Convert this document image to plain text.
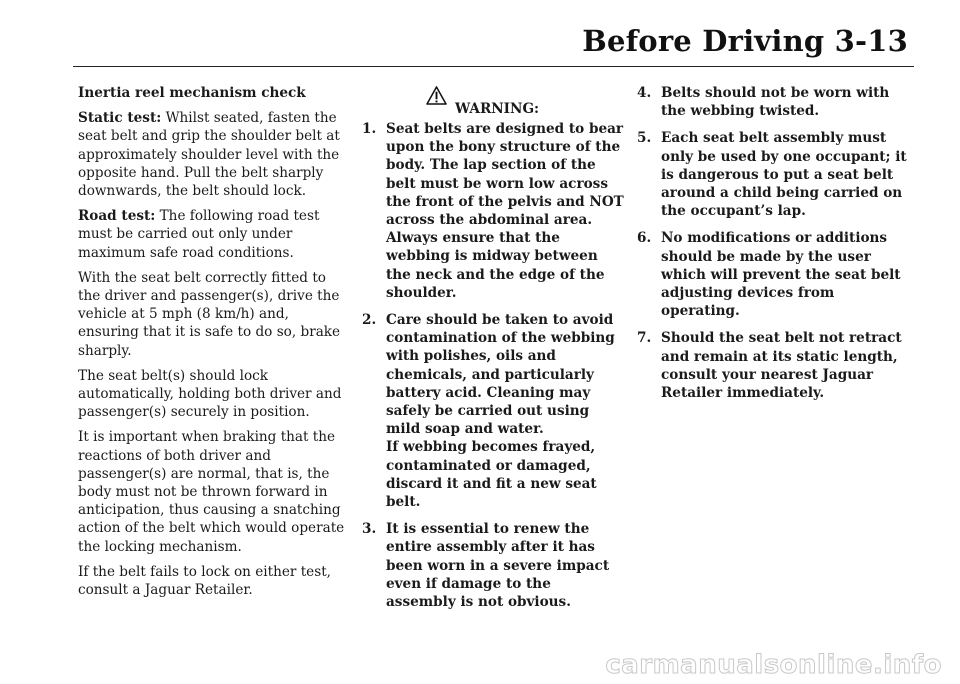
Before Driving 3-13

Inertia reel mechanism check

Static test: Whilst seated, fasten the seat belt and grip the shoulder belt at approximately shoulder level with the opposite hand. Pull the belt sharply downwards, the belt should lock.

Road test: The following road test must be carried out only under maximum safe road conditions.

With the seat belt correctly fitted to the driver and passenger(s), drive the vehicle at 5 mph (8 km/h) and, ensuring that it is safe to do so, brake sharply.

The seat belt(s) should lock automatically, holding both driver and passenger(s) securely in position.

It is important when braking that the reactions of both driver and passenger(s) are normal, that is, the body must not be thrown forward in anticipation, thus causing a snatching action of the belt which would operate the locking mechanism.

If the belt fails to lock on either test, consult a Jaguar Retailer.

WARNING:
1. Seat belts are designed to bear upon the bony structure of the body. The lap section of the belt must be worn low across the front of the pelvis and NOT across the abdominal area. Always ensure that the webbing is midway between the neck and the edge of the shoulder.
2. Care should be taken to avoid contamination of the webbing with polishes, oils and chemicals, and particularly battery acid. Cleaning may safely be carried out using mild soap and water.
If webbing becomes frayed, contaminated or damaged, discard it and fit a new seat belt.
3. It is essential to renew the entire assembly after it has been worn in a severe impact even if damage to the assembly is not obvious.
4. Belts should not be worn with the webbing twisted.
5. Each seat belt assembly must only be used by one occupant; it is dangerous to put a seat belt around a child being carried on the occupant’s lap.
6. No modifications or additions should be made by the user which will prevent the seat belt adjusting devices from operating.
7. Should the seat belt not retract and remain at its static length, consult your nearest Jaguar Retailer immediately.
carmanualsonline.info
